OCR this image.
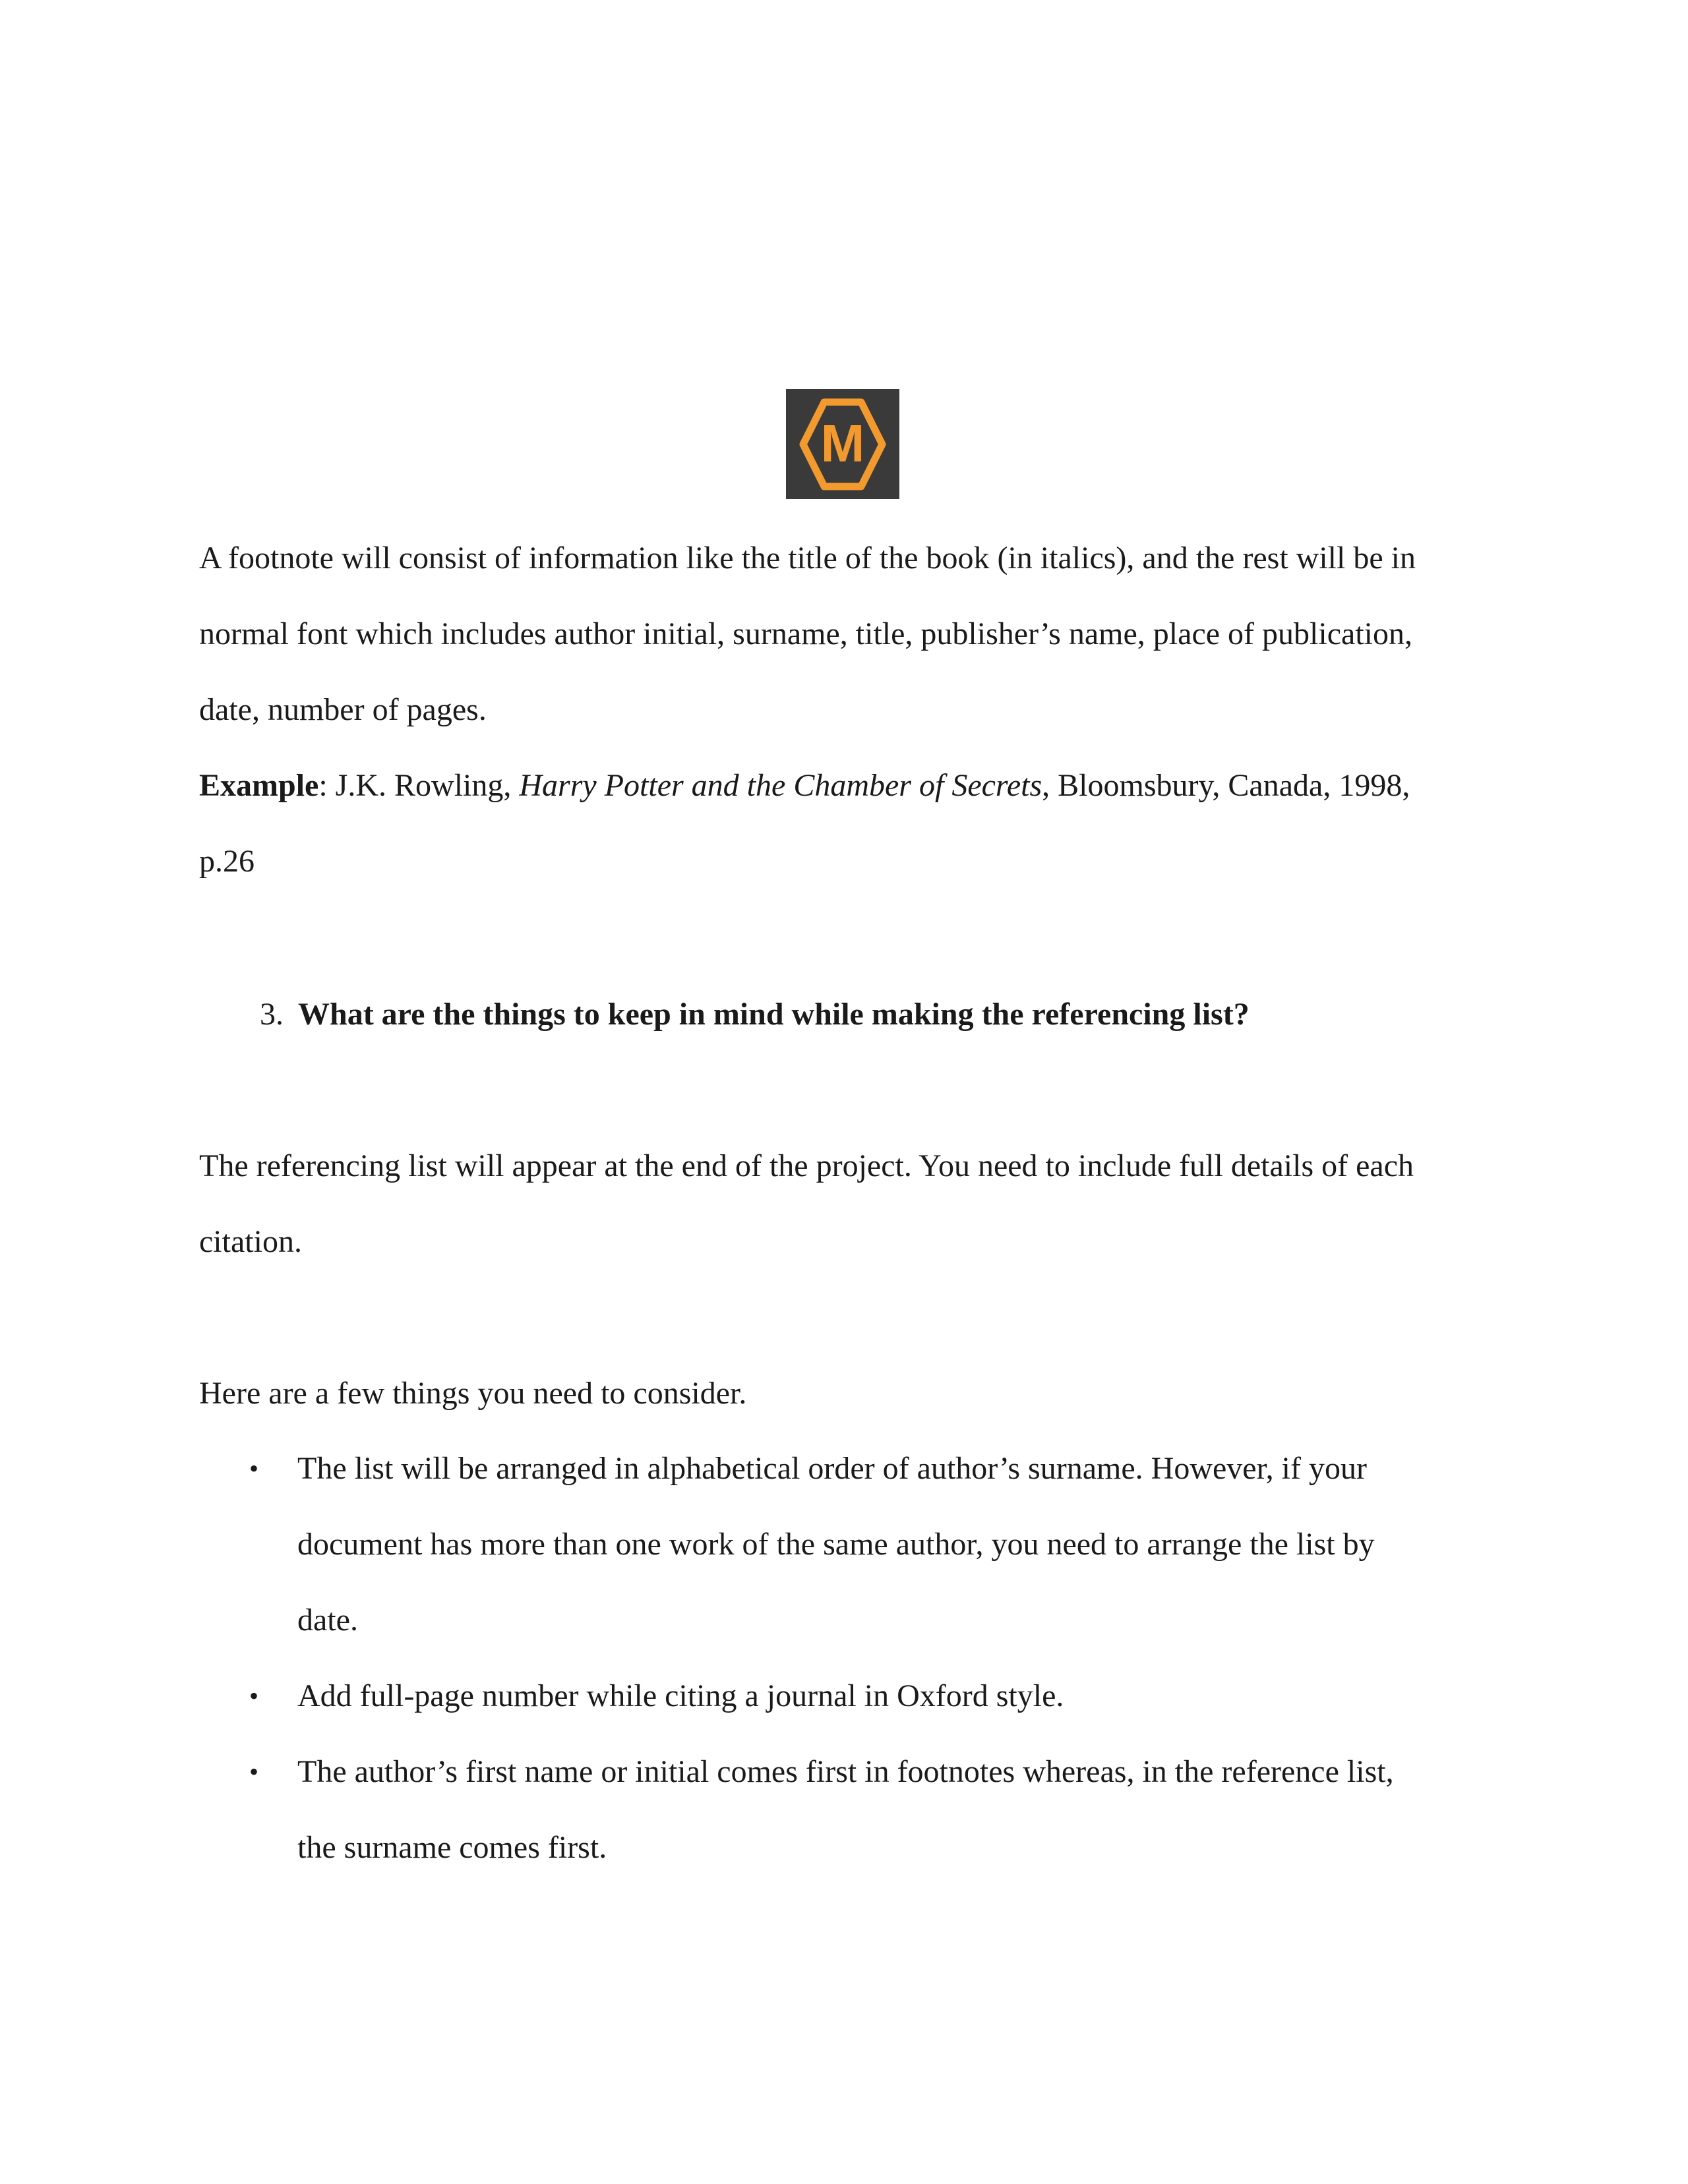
M

A footnote will consist of information like the title of the book (in italics), and the rest will be in

normal font which includes author initial, surname, title, publisher’s name, place of publication,

date, number of pages.

Example: J.K. Rowling, Harry Potter and the Chamber of Secrets, Bloomsbury, Canada, 1998,

p.26

3. What are the things to keep in mind while making the referencing list?

The referencing list will appear at the end of the project. You need to include full details of each

citation.

Here are a few things you need to consider.

• The list will be arranged in alphabetical order of author’s surname. However, if your
document has more than one work of the same author, you need to arrange the list by
date.
• Add full-page number while citing a journal in Oxford style.
• The author’s first name or initial comes first in footnotes whereas, in the reference list,
the surname comes first.
